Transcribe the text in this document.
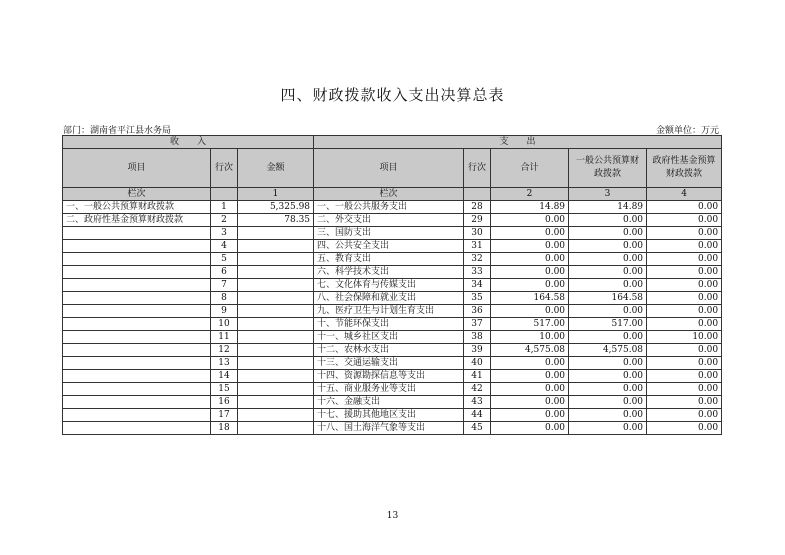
四、财政拨款收入支出决算总表
部门：湖南省平江县水务局	金额单位：万元
收　　入			支　　出				
项目	行次	金额	项目	行次	合计	一般公共预算财政拨款	政府性基金预算财政拨款
栏次		1	栏次		2	3	4
一、一般公共预算财政拨款	1	5,325.98	一、一般公共服务支出	28	14.89	14.89	0.00
二、政府性基金预算财政拨款	2	78.35	二、外交支出	29	0.00	0.00	0.00
	3		三、国防支出	30	0.00	0.00	0.00
	4		四、公共安全支出	31	0.00	0.00	0.00
	5		五、教育支出	32	0.00	0.00	0.00
	6		六、科学技术支出	33	0.00	0.00	0.00
	7		七、文化体育与传媒支出	34	0.00	0.00	0.00
	8		八、社会保障和就业支出	35	164.58	164.58	0.00
	9		九、医疗卫生与计划生育支出	36	0.00	0.00	0.00
	10		十、节能环保支出	37	517.00	517.00	0.00
	11		十一、城乡社区支出	38	10.00	0.00	10.00
	12		十二、农林水支出	39	4,575.08	4,575.08	0.00
	13		十三、交通运输支出	40	0.00	0.00	0.00
	14		十四、资源勘探信息等支出	41	0.00	0.00	0.00
	15		十五、商业服务业等支出	42	0.00	0.00	0.00
	16		十六、金融支出	43	0.00	0.00	0.00
	17		十七、援助其他地区支出	44	0.00	0.00	0.00
	18		十八、国土海洋气象等支出	45	0.00	0.00	0.00
13
